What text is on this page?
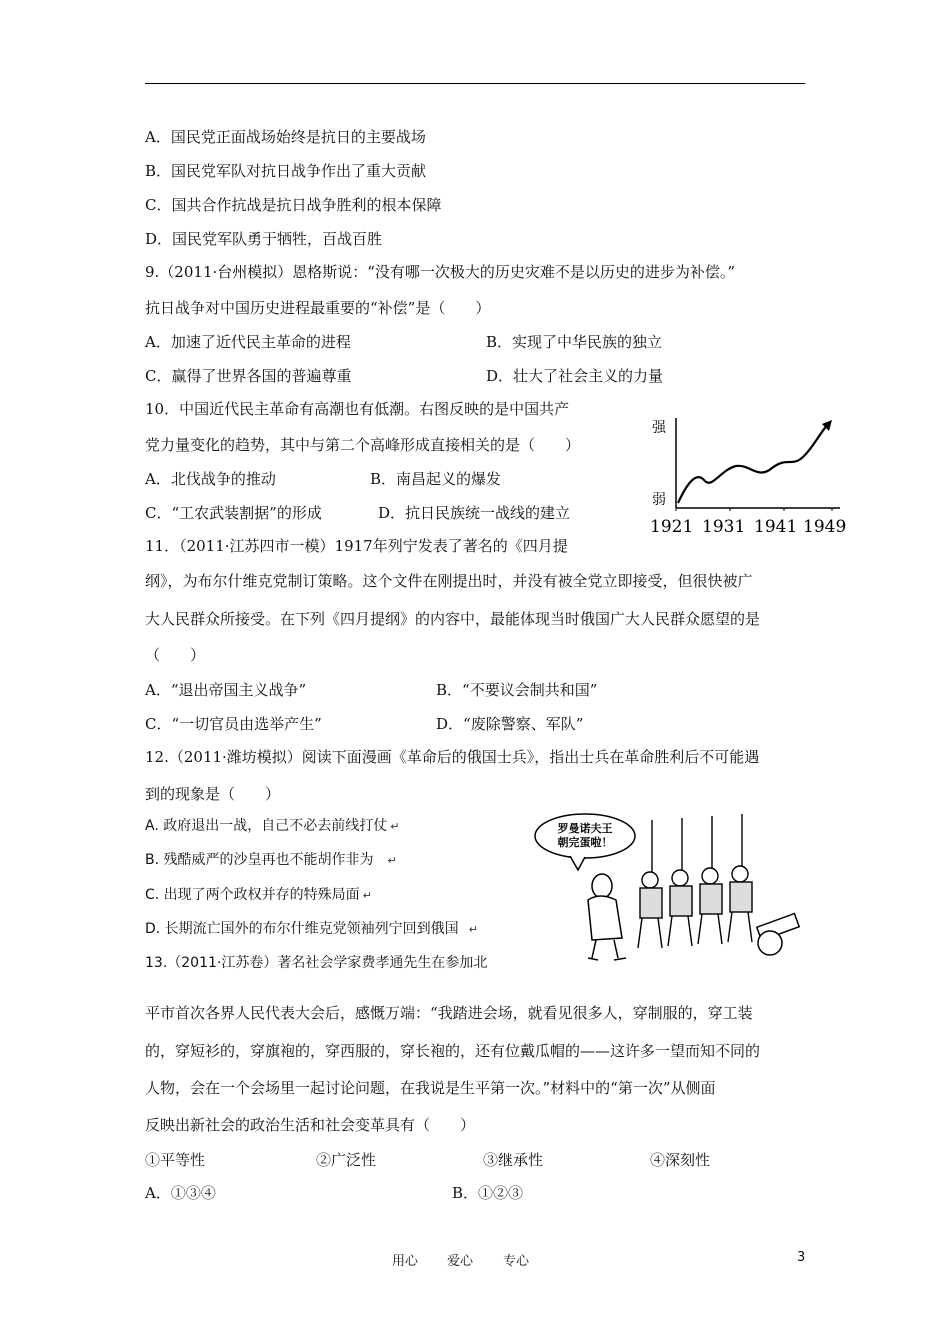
A．国民党正面战场始终是抗日的主要战场
B．国民党军队对抗日战争作出了重大贡献
C．国共合作抗战是抗日战争胜利的根本保障
D．国民党军队勇于牺牲，百战百胜
9.（2011·台州模拟）恩格斯说：“没有哪一次极大的历史灾难不是以历史的进步为补偿。”
抗日战争对中国历史进程最重要的“补偿”是（　　）
A．加速了近代民主革命的进程	B．实现了中华民族的独立
C．赢得了世界各国的普遍尊重	D．壮大了社会主义的力量
10．中国近代民主革命有高潮也有低潮。右图反映的是中国共产
党力量变化的趋势，其中与第二个高峰形成直接相关的是（　　）
A．北伐战争的推动	B．南昌起义的爆发
C．“工农武装割据”的形成	D．抗日民族统一战线的建立
强
弱
1921 1931 1941 1949
11．（2011·江苏四市一模）1917年列宁发表了著名的《四月提
纲》，为布尔什维克党制订策略。这个文件在刚提出时，并没有被全党立即接受，但很快被广
大人民群众所接受。在下列《四月提纲》的内容中，最能体现当时俄国广大人民群众愿望的是
（　　）
A．“退出帝国主义战争”	B．“不要议会制共和国”
C．“一切官员由选举产生”	D．“废除警察、军队”
12.（2011·潍坊模拟）阅读下面漫画《革命后的俄国士兵》，指出士兵在革命胜利后不可能遇
到的现象是（　　）
A. 政府退出一战，自己不必去前线打仗 ↵
B. 残酷威严的沙皇再也不能胡作非为 ↵
C. 出现了两个政权并存的特殊局面 ↵
D. 长期流亡国外的布尔什维克党领袖列宁回到俄国 ↵
罗曼诺夫王
朝完蛋啦！
13.（2011·江苏卷）著名社会学家费孝通先生在参加北
平市首次各界人民代表大会后，感慨万端：“我踏进会场，就看见很多人，穿制服的，穿工装
的，穿短衫的，穿旗袍的，穿西服的，穿长袍的，还有位戴瓜帽的——这许多一望而知不同的
人物，会在一个会场里一起讨论问题，在我说是生平第一次。”材料中的“第一次”从侧面
反映出新社会的政治生活和社会变革具有（　　）
①平等性	②广泛性	③继承性	④深刻性
A．①③④	B．①②③
用心 爱心 专心	3
